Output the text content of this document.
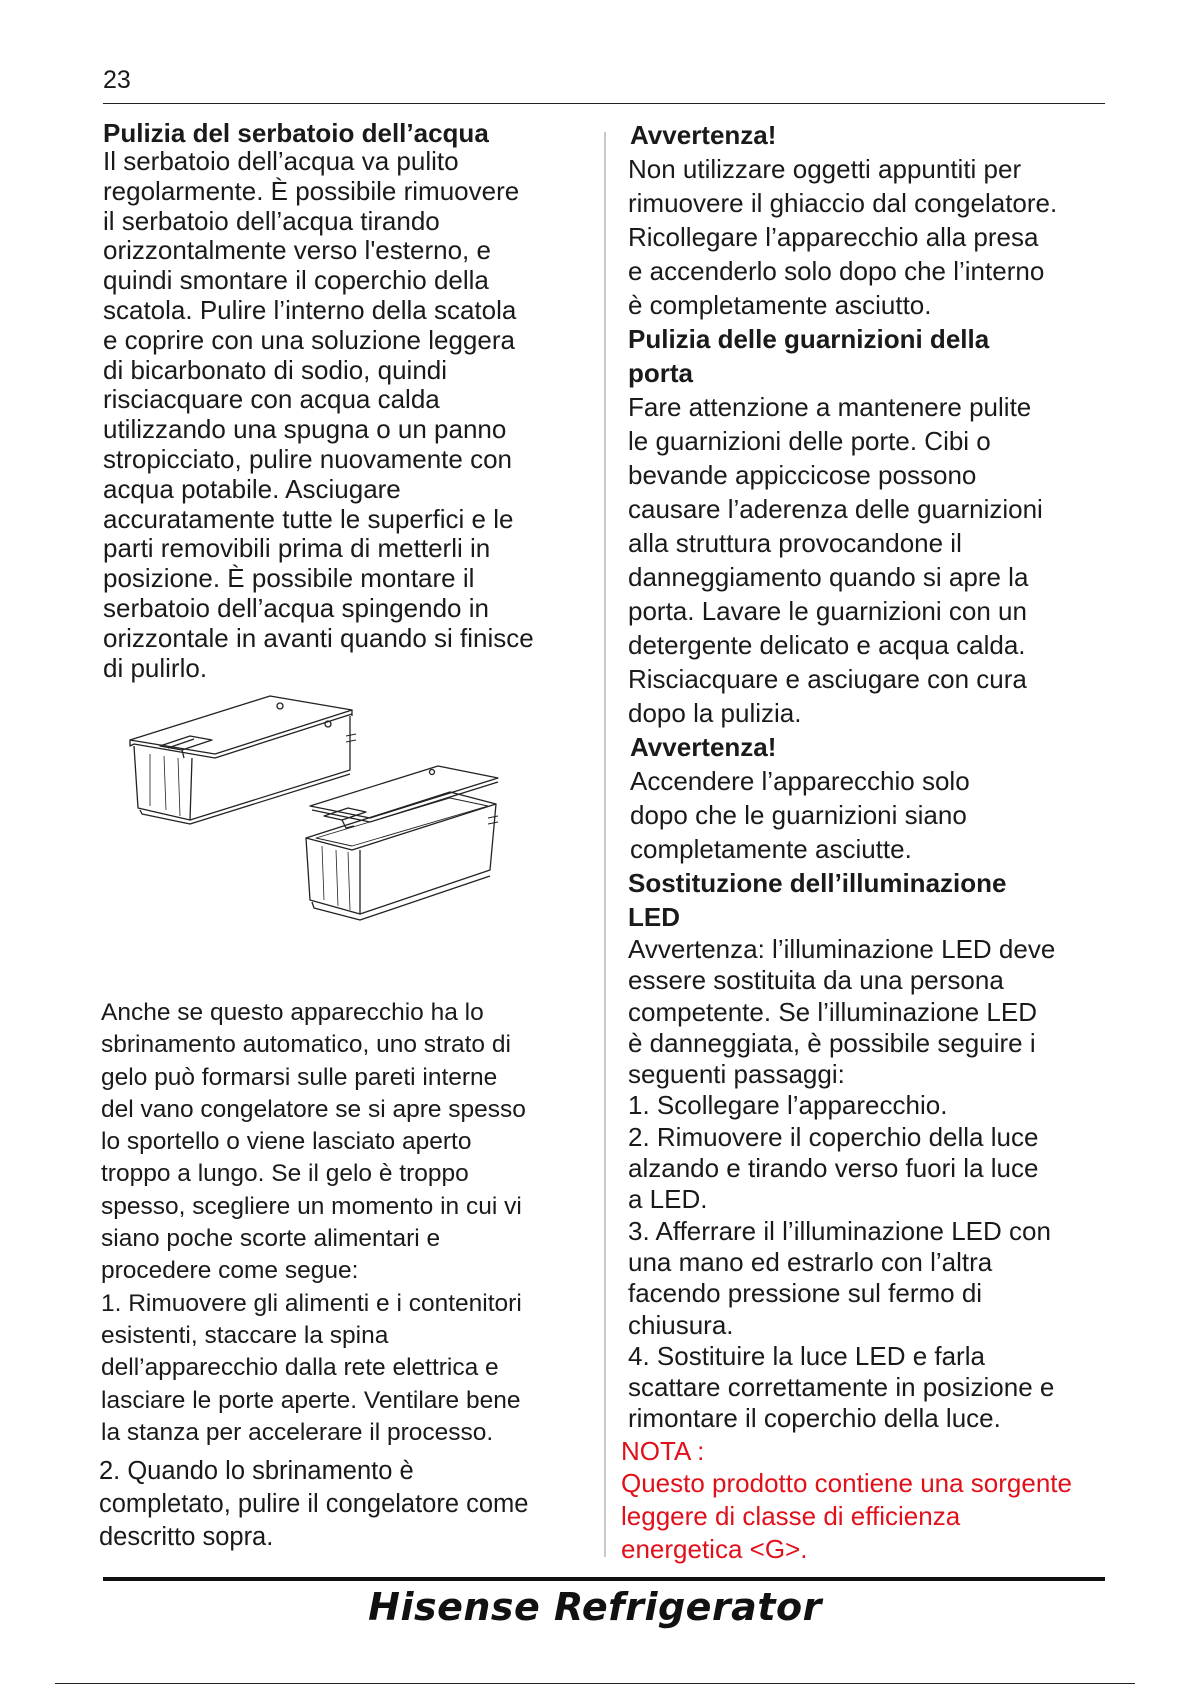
23

Pulizia del serbatoio dell’acqua

Il serbatoio dell’acqua va pulito

regolarmente. È possibile rimuovere

il serbatoio dell’acqua tirando

orizzontalmente verso l'esterno, e

quindi smontare il coperchio della

scatola. Pulire l’interno della scatola

e coprire con una soluzione leggera

di bicarbonato di sodio, quindi

risciacquare con acqua calda

utilizzando una spugna o un panno

stropicciato, pulire nuovamente con

acqua potabile. Asciugare

accuratamente tutte le superfici e le

parti removibili prima di metterli in

posizione. È possibile montare il

serbatoio dell’acqua spingendo in

orizzontale in avanti quando si finisce

di pulirlo.

Anche se questo apparecchio ha lo

sbrinamento automatico, uno strato di

gelo può formarsi sulle pareti interne

del vano congelatore se si apre spesso

lo sportello o viene lasciato aperto

troppo a lungo. Se il gelo è troppo

spesso, scegliere un momento in cui vi

siano poche scorte alimentari e

procedere come segue:

1. Rimuovere gli alimenti e i contenitori

esistenti, staccare la spina

dell’apparecchio dalla rete elettrica e

lasciare le porte aperte. Ventilare bene

la stanza per accelerare il processo.

2. Quando lo sbrinamento è

completato, pulire il congelatore come

descritto sopra.

Avvertenza!

Non utilizzare oggetti appuntiti per

rimuovere il ghiaccio dal congelatore.

Ricollegare l’apparecchio alla presa

e accenderlo solo dopo che l’interno

è completamente asciutto.

Pulizia delle guarnizioni della

porta

Fare attenzione a mantenere pulite

le guarnizioni delle porte. Cibi o

bevande appiccicose possono

causare l’aderenza delle guarnizioni

alla struttura provocandone il

danneggiamento quando si apre la

porta. Lavare le guarnizioni con un

detergente delicato e acqua calda.

Risciacquare e asciugare con cura

dopo la pulizia.

Avvertenza!

Accendere l’apparecchio solo

dopo che le guarnizioni siano

completamente asciutte.

Sostituzione dell’illuminazione

LED

Avvertenza: l’illuminazione LED deve

essere sostituita da una persona

competente. Se l’illuminazione LED

è danneggiata, è possibile seguire i

seguenti passaggi:

1. Scollegare l’apparecchio.

2. Rimuovere il coperchio della luce

alzando e tirando verso fuori la luce

a LED.

3. Afferrare il l’illuminazione LED con

una mano ed estrarlo con l’altra

facendo pressione sul fermo di

chiusura.

4. Sostituire la luce LED e farla

scattare correttamente in posizione e

rimontare il coperchio della luce.

NOTA :

Questo prodotto contiene una sorgente

leggere di classe di efficienza

energetica <G>.

Hisense Refrigerator
